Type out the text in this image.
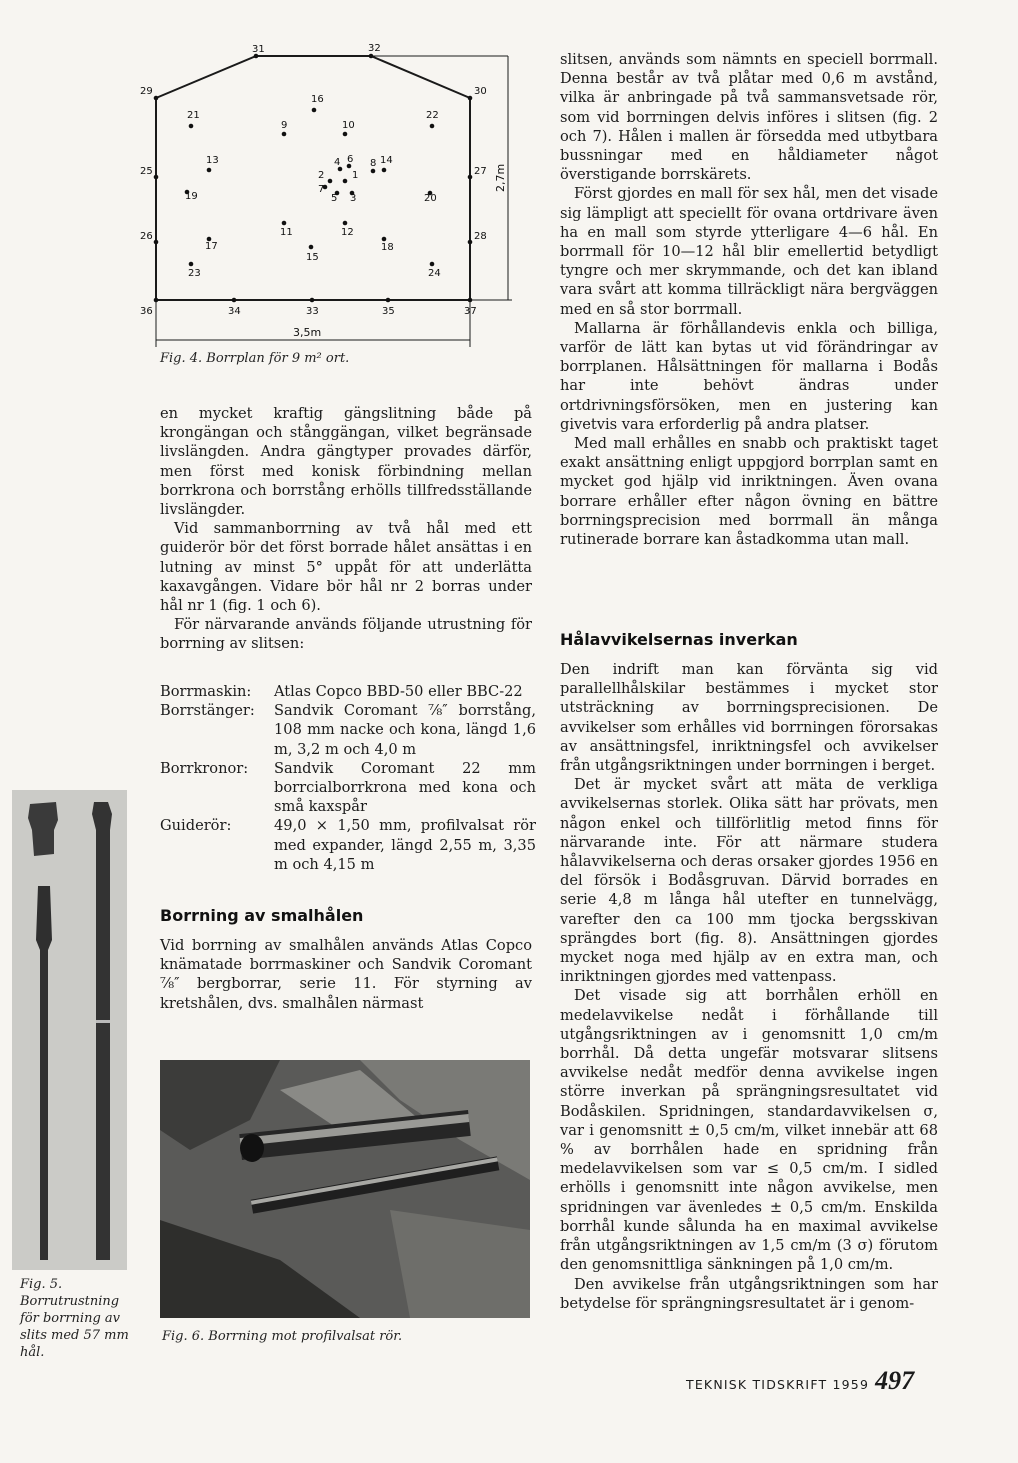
3,5m
2,7m
1
2
3
4
5
6
7
8
9	10
11	12
13	14
15
16
17	18
19	20
21	22
23	24
25
26
27
28
29	30
31	32
33
34	35
36	37
Fig. 4. Borrplan för 9 m² ort.

en mycket kraftig gängslitning både på krongängan och stånggängan, vilket begränsade livslängden. Andra gängtyper provades därför, men först med konisk förbindning mellan borrkrona och borrstång erhölls tillfredsställande livslängder.

Vid sammanborrning av två hål med ett guiderör bör det först borrade hålet ansättas i en lutning av minst 5° uppåt för att underlätta kaxavgången. Vidare bör hål nr 2 borras under hål nr 1 (fig. 1 och 6).

För närvarande används följande utrustning för borrning av slitsen:

Borrmaskin:	Atlas Copco BBD-50 eller BBC-22
Borrstänger:	Sandvik Coromant ⅞″ borrstång, 108 mm nacke och kona, längd 1,6 m, 3,2 m och 4,0 m
Borrkronor:	Sandvik Coromant 22 mm borrcialborrkrona med kona och små kaxspår
Guiderör:	49,0 × 1,50 mm, profilvalsat rör med expander, längd 2,55 m, 3,35 m och 4,15 m
Borrning av smalhålen

Vid borrning av smalhålen används Atlas Copco knämatade borrmaskiner och Sandvik Coromant ⅞″ bergborrar, serie 11. För styrning av kretshålen, dvs. smalhålen närmast

Fig. 5. Borrutrustning för borrning av slits med 57 mm hål.
Fig. 6. Borrning mot profilvalsat rör.

slitsen, används som nämnts en speciell borrmall. Denna består av två plåtar med 0,6 m avstånd, vilka är anbringade på två sammansvetsade rör, som vid borrningen delvis införes i slitsen (fig. 2 och 7). Hålen i mallen är försedda med utbytbara bussningar med en håldiameter något överstigande borrskärets.

Först gjordes en mall för sex hål, men det visade sig lämpligt att speciellt för ovana ortdrivare även ha en mall som styrde ytterligare 4—6 hål. En borrmall för 10—12 hål blir emellertid betydligt tyngre och mer skrymmande, och det kan ibland vara svårt att komma tillräckligt nära bergväggen med en så stor borrmall.

Mallarna är förhållandevis enkla och billiga, varför de lätt kan bytas ut vid förändringar av borrplanen. Hålsättningen för mallarna i Bodås har inte behövt ändras under ortdrivningsförsöken, men en justering kan givetvis vara erforderlig på andra platser.

Med mall erhålles en snabb och praktiskt taget exakt ansättning enligt uppgjord borrplan samt en mycket god hjälp vid inriktningen. Även ovana borrare erhåller efter någon övning en bättre borrningsprecision med borrmall än många rutinerade borrare kan åstadkomma utan mall.

Hålavvikelsernas inverkan

Den indrift man kan förvänta sig vid parallellhålskilar bestämmes i mycket stor utsträckning av borrningsprecisionen. De avvikelser som erhålles vid borrningen förorsakas av ansättningsfel, inriktningsfel och avvikelser från utgångsriktningen under borrningen i berget.

Det är mycket svårt att mäta de verkliga avvikelsernas storlek. Olika sätt har prövats, men någon enkel och tillförlitlig metod finns för närvarande inte. För att närmare studera hålavvikelserna och deras orsaker gjordes 1956 en del försök i Bodåsgruvan. Därvid borrades en serie 4,8 m långa hål utefter en tunnelvägg, varefter den ca 100 mm tjocka bergsskivan sprängdes bort (fig. 8). Ansättningen gjordes mycket noga med hjälp av en extra man, och inriktningen gjordes med vattenpass.

Det visade sig att borrhålen erhöll en medelavvikelse nedåt i förhållande till utgångsriktningen av i genomsnitt 1,0 cm/m borrhål. Då detta ungefär motsvarar slitsens avvikelse nedåt medför denna avvikelse ingen större inverkan på sprängningsresultatet vid Bodåskilen. Spridningen, standardavvikelsen σ, var i genomsnitt ± 0,5 cm/m, vilket innebär att 68 % av borrhålen hade en spridning från medelavvikelsen som var ≤ 0,5 cm/m. I sidled erhölls i genomsnitt inte någon avvikelse, men spridningen var ävenledes ± 0,5 cm/m. Enskilda borrhål kunde sålunda ha en maximal avvikelse från utgångsriktningen av 1,5 cm/m (3 σ) förutom den genomsnittliga sänkningen på 1,0 cm/m.

Den avvikelse från utgångsriktningen som har betydelse för sprängningsresultatet är i genom-

TEKNISK TIDSKRIFT 1959 497
